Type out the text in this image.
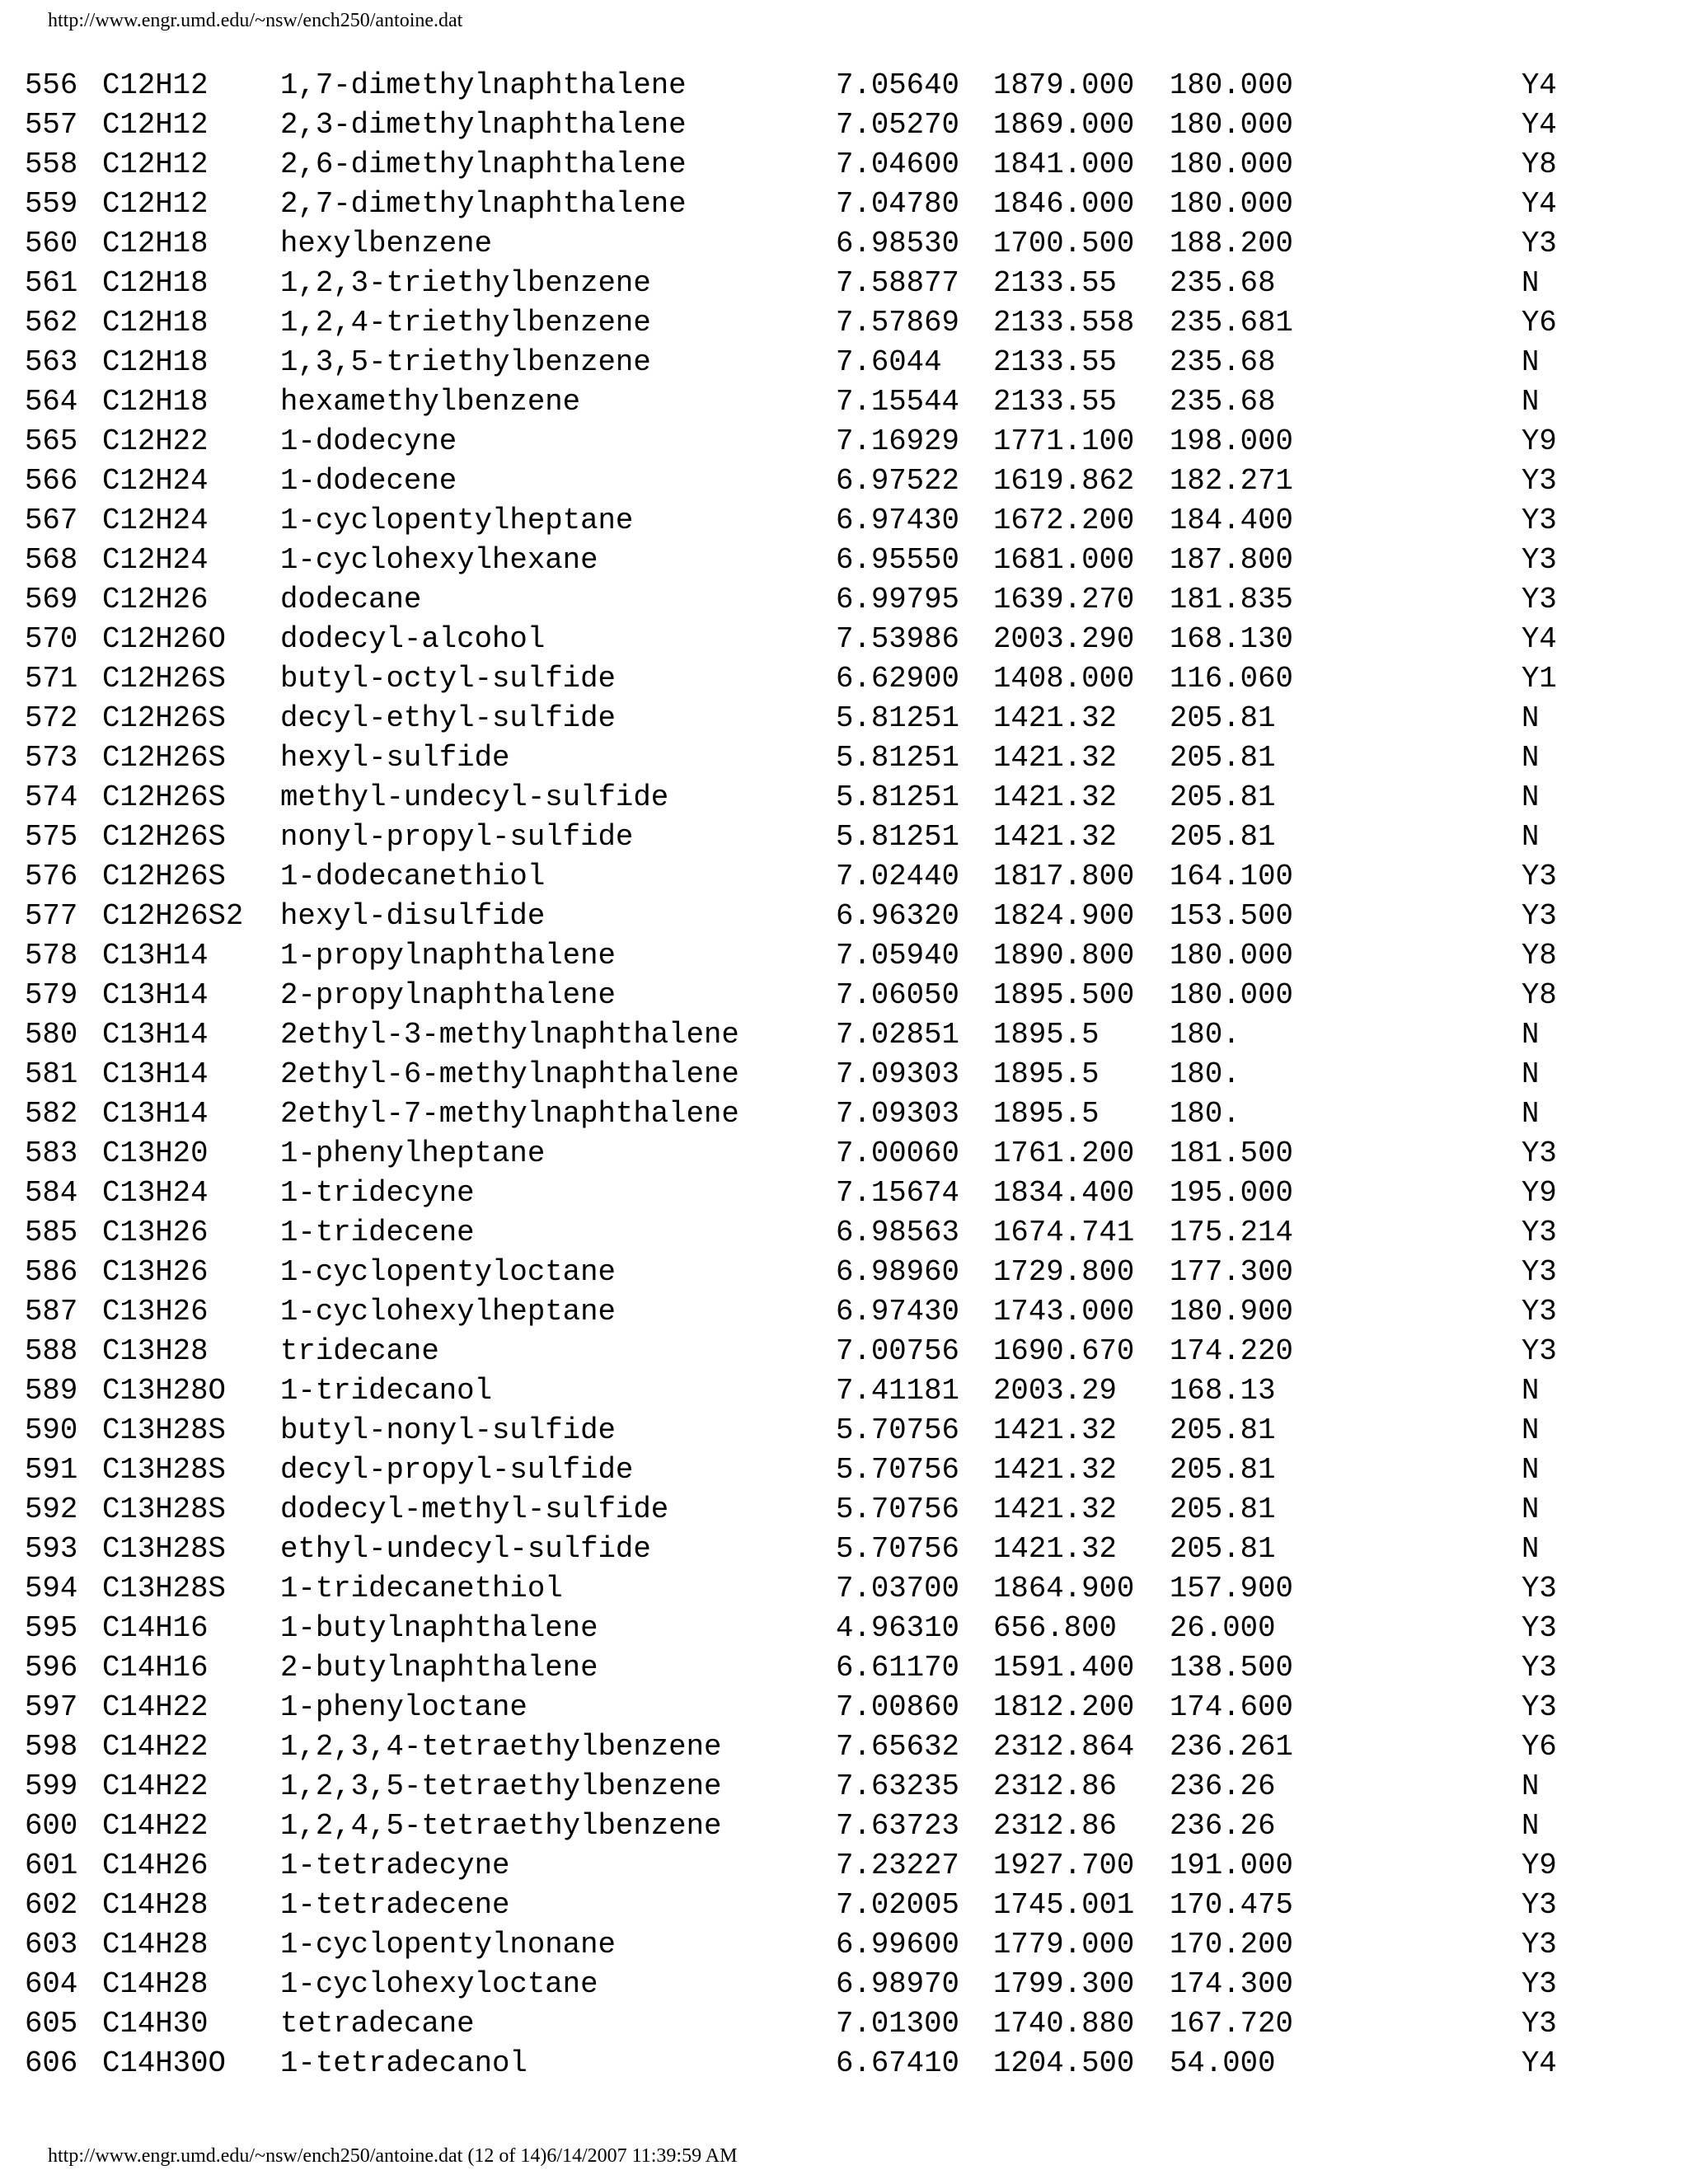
http://www.engr.umd.edu/~nsw/ench250/antoine.dat
556 C12H12 1,7-dimethylnaphthalene	7.05640 1879.000 180.000	Y4
557 C12H12 2,3-dimethylnaphthalene	7.05270 1869.000 180.000	Y4
558 C12H12 2,6-dimethylnaphthalene	7.04600 1841.000 180.000	Y8
559 C12H12 2,7-dimethylnaphthalene	7.04780 1846.000 180.000	Y4
560 C12H18 hexylbenzene	6.98530 1700.500 188.200	Y3
561 C12H18 1,2,3-triethylbenzene	7.58877 2133.55 235.68	N
562 C12H18 1,2,4-triethylbenzene	7.57869 2133.558 235.681	Y6
563 C12H18 1,3,5-triethylbenzene	7.6044 2133.55 235.68	N
564 C12H18 hexamethylbenzene	7.15544 2133.55 235.68	N
565 C12H22 1-dodecyne	7.16929 1771.100 198.000	Y9
566 C12H24 1-dodecene	6.97522 1619.862 182.271	Y3
567 C12H24 1-cyclopentylheptane	6.97430 1672.200 184.400	Y3
568 C12H24 1-cyclohexylhexane	6.95550 1681.000 187.800	Y3
569 C12H26 dodecane	6.99795 1639.270 181.835	Y3
570 C12H26O dodecyl-alcohol	7.53986 2003.290 168.130	Y4
571 C12H26S butyl-octyl-sulfide	6.62900 1408.000 116.060	Y1
572 C12H26S decyl-ethyl-sulfide	5.81251 1421.32 205.81	N
573 C12H26S hexyl-sulfide	5.81251 1421.32 205.81	N
574 C12H26S methyl-undecyl-sulfide	5.81251 1421.32 205.81	N
575 C12H26S nonyl-propyl-sulfide	5.81251 1421.32 205.81	N
576 C12H26S 1-dodecanethiol	7.02440 1817.800 164.100	Y3
577 C12H26S2 hexyl-disulfide	6.96320 1824.900 153.500	Y3
578 C13H14 1-propylnaphthalene	7.05940 1890.800 180.000	Y8
579 C13H14 2-propylnaphthalene	7.06050 1895.500 180.000	Y8
580 C13H14 2ethyl-3-methylnaphthalene	7.02851 1895.5 180.	N
581 C13H14 2ethyl-6-methylnaphthalene	7.09303 1895.5 180.	N
582 C13H14 2ethyl-7-methylnaphthalene	7.09303 1895.5 180.	N
583 C13H20 1-phenylheptane	7.00060 1761.200 181.500	Y3
584 C13H24 1-tridecyne	7.15674 1834.400 195.000	Y9
585 C13H26 1-tridecene	6.98563 1674.741 175.214	Y3
586 C13H26 1-cyclopentyloctane	6.98960 1729.800 177.300	Y3
587 C13H26 1-cyclohexylheptane	6.97430 1743.000 180.900	Y3
588 C13H28 tridecane	7.00756 1690.670 174.220	Y3
589 C13H28O 1-tridecanol	7.41181 2003.29 168.13	N
590 C13H28S butyl-nonyl-sulfide	5.70756 1421.32 205.81	N
591 C13H28S decyl-propyl-sulfide	5.70756 1421.32 205.81	N
592 C13H28S dodecyl-methyl-sulfide	5.70756 1421.32 205.81	N
593 C13H28S ethyl-undecyl-sulfide	5.70756 1421.32 205.81	N
594 C13H28S 1-tridecanethiol	7.03700 1864.900 157.900	Y3
595 C14H16 1-butylnaphthalene	4.96310 656.800 26.000	Y3
596 C14H16 2-butylnaphthalene	6.61170 1591.400 138.500	Y3
597 C14H22 1-phenyloctane	7.00860 1812.200 174.600	Y3
598 C14H22 1,2,3,4-tetraethylbenzene	7.65632 2312.864 236.261	Y6
599 C14H22 1,2,3,5-tetraethylbenzene	7.63235 2312.86 236.26	N
600 C14H22 1,2,4,5-tetraethylbenzene	7.63723 2312.86 236.26	N
601 C14H26 1-tetradecyne	7.23227 1927.700 191.000	Y9
602 C14H28 1-tetradecene	7.02005 1745.001 170.475	Y3
603 C14H28 1-cyclopentylnonane	6.99600 1779.000 170.200	Y3
604 C14H28 1-cyclohexyloctane	6.98970 1799.300 174.300	Y3
605 C14H30 tetradecane	7.01300 1740.880 167.720	Y3
606 C14H30O 1-tetradecanol	6.67410 1204.500 54.000	Y4
http://www.engr.umd.edu/~nsw/ench250/antoine.dat (12 of 14)6/14/2007 11:39:59 AM
